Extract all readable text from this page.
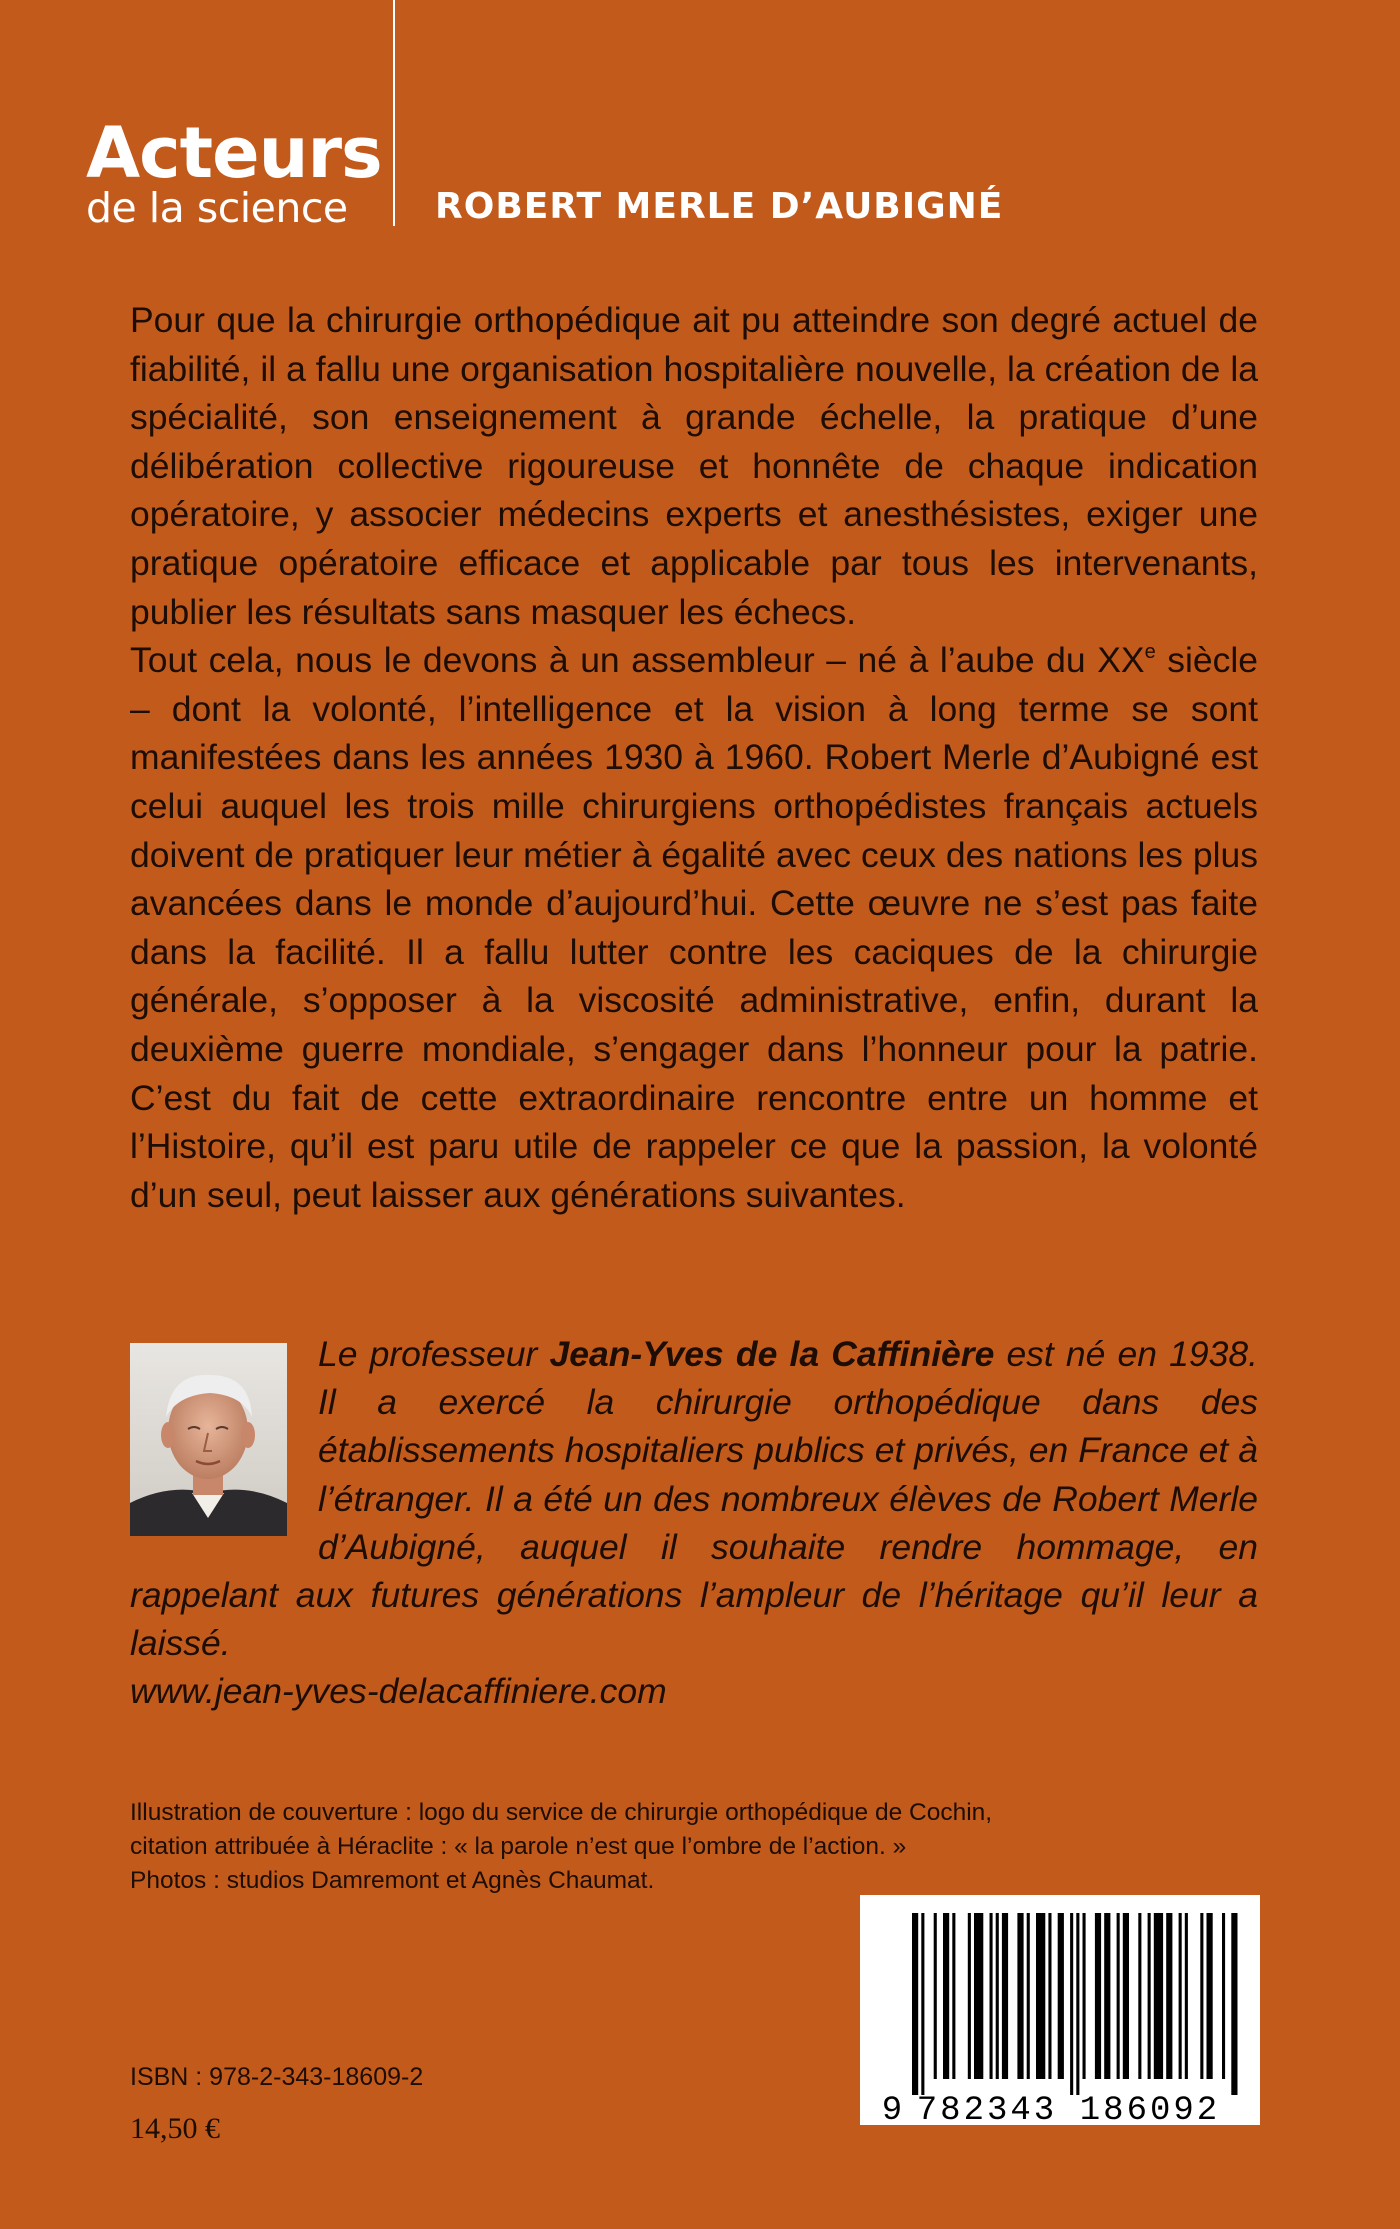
Acteurs
de la science	ROBERT MERLE D’AUBIGNÉ

Pour que la chirurgie orthopédique ait pu atteindre son degré actuel de fiabilité, il a fallu une organisation hospitalière nouvelle, la création de la spécialité, son enseignement à grande échelle, la pratique d’une délibération collective rigoureuse et honnête de chaque indication opératoire, y associer médecins experts et anesthésistes, exiger une pratique opératoire efficace et applicable par tous les intervenants, publier les résultats sans masquer les échecs.

Tout cela, nous le devons à un assembleur – né à l’aube du XXe siècle – dont la volonté, l’intelligence et la vision à long terme se sont manifestées dans les années 1930 à 1960. Robert Merle d’Aubigné est celui auquel les trois mille chirurgiens orthopédistes français actuels doivent de pratiquer leur métier à égalité avec ceux des nations les plus avancées dans le monde d’aujourd’hui. Cette œuvre ne s’est pas faite dans la facilité. Il a fallu lutter contre les caciques de la chirurgie générale, s’opposer à la viscosité administrative, enfin, durant la deuxième guerre mondiale, s’engager dans l’honneur pour la patrie. C’est du fait de cette extraordinaire rencontre entre un homme et l’Histoire, qu’il est paru utile de rappeler ce que la passion, la volonté d’un seul, peut laisser aux générations suivantes.

Le professeur Jean-Yves de la Caffinière est né en 1938. Il a exercé la chirurgie orthopédique dans des établissements hospitaliers publics et privés, en France et à l’étranger. Il a été un des nombreux élèves de Robert Merle d’Aubigné, auquel il souhaite rendre hommage, en rappelant aux futures générations l’ampleur de l’héritage qu’il leur a laissé.
www.jean-yves-delacaffiniere.com

Illustration de couverture : logo du service de chirurgie orthopédique de Cochin, citation attribuée à Héraclite : « la parole n’est que l’ombre de l’action. »

Photos : studios Damremont et Agnès Chaumat.

9 782343 186092
ISBN : 978-2-343-18609-2
14,50 €
